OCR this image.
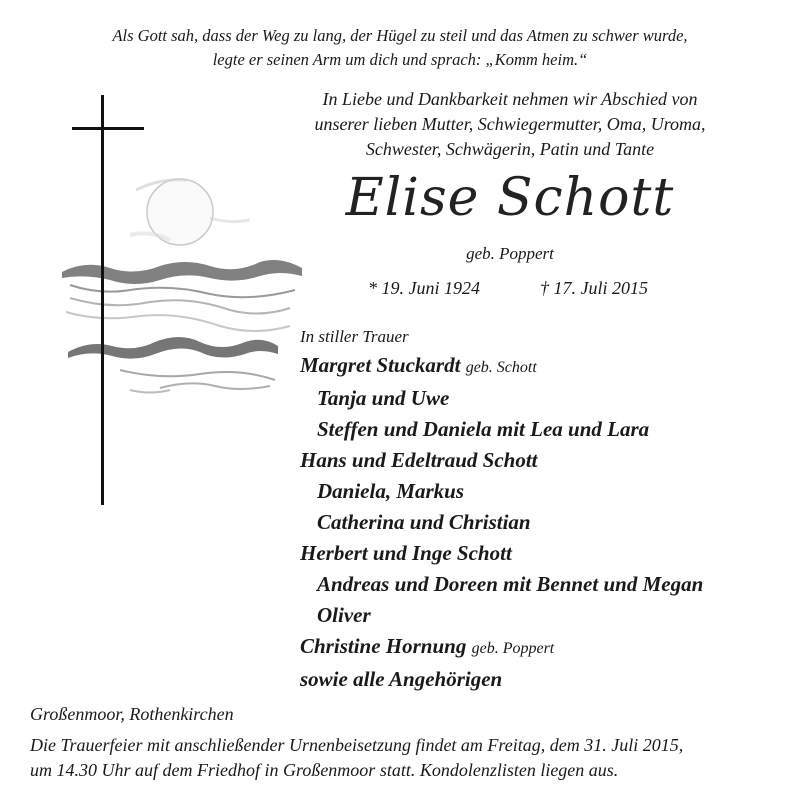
Als Gott sah, dass der Weg zu lang, der Hügel zu steil und das Atmen zu schwer wurde,
legte er seinen Arm um dich und sprach: „Komm heim.“
In Liebe und Dankbarkeit nehmen wir Abschied von
unserer lieben Mutter, Schwiegermutter, Oma, Uroma,
Schwester, Schwägerin, Patin und Tante
Elise Schott
geb. Poppert
* 19. Juni 1924	† 17. Juli 2015
In stiller Trauer
Margret Stuckardt geb. Schott
Tanja und Uwe
Steffen und Daniela mit Lea und Lara
Hans und Edeltraud Schott
Daniela, Markus
Catherina und Christian
Herbert und Inge Schott
Andreas und Doreen mit Bennet und Megan
Oliver
Christine Hornung geb. Poppert
sowie alle Angehörigen
Großenmoor, Rothenkirchen
Die Trauerfeier mit anschließender Urnenbeisetzung findet am Freitag, dem 31. Juli 2015,
um 14.30 Uhr auf dem Friedhof in Großenmoor statt. Kondolenzlisten liegen aus.
